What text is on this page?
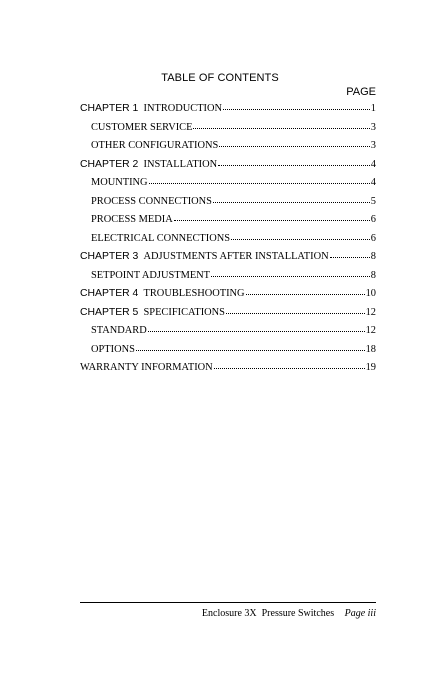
TABLE OF CONTENTS
PAGE
CHAPTER 1 INTRODUCTION	1
CUSTOMER SERVICE	3
OTHER CONFIGURATIONS	3
CHAPTER 2 INSTALLATION	4
MOUNTING	4
PROCESS CONNECTIONS	5
PROCESS MEDIA	6
ELECTRICAL CONNECTIONS	6
CHAPTER 3 ADJUSTMENTS AFTER INSTALLATION	8
SETPOINT ADJUSTMENT	8
CHAPTER 4 TROUBLESHOOTING	10
CHAPTER 5 SPECIFICATIONS	12
STANDARD	12
OPTIONS	18
WARRANTY INFORMATION	19
Enclosure 3X  Pressure Switches Page iii
